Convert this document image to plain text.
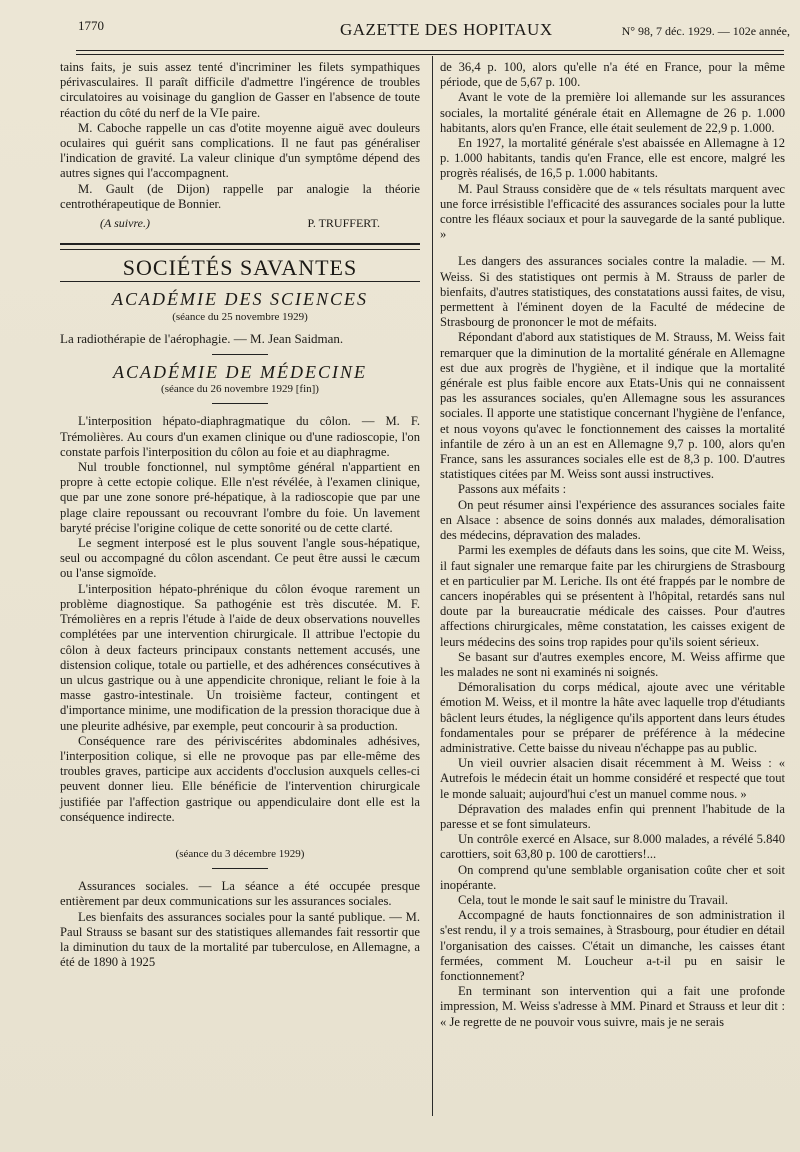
1770	GAZETTE DES HOPITAUX	N° 98, 7 déc. 1929. — 102e année,

tains faits, je suis assez tenté d'incriminer les filets sympathiques périvasculaires. Il paraît difficile d'admettre l'ingérence de troubles circulatoires au voisinage du ganglion de Gasser en l'absence de toute réaction du côté du nerf de la VIe paire.

M. Caboche rappelle un cas d'otite moyenne aiguë avec douleurs oculaires qui guérit sans complications. Il ne faut pas généraliser l'indication de gravité. La valeur clinique d'un symptôme dépend des autres signes qui l'accompagnent.

M. Gault (de Dijon) rappelle par analogie la théorie centrothérapeutique de Bonnier.

(A suivre.)	P. TRUFFERT.
SOCIÉTÉS SAVANTES
ACADÉMIE DES SCIENCES
(séance du 25 novembre 1929)
La radiothérapie de l'aérophagie. — M. Jean Saidman.
ACADÉMIE DE MÉDECINE
(séance du 26 novembre 1929 [fin])

L'interposition hépato-diaphragmatique du côlon. — M. F. Trémolières. Au cours d'un examen clinique ou d'une radioscopie, l'on constate parfois l'interposition du côlon au foie et au diaphragme.

Nul trouble fonctionnel, nul symptôme général n'appartient en propre à cette ectopie colique. Elle n'est révélée, à l'examen clinique, que par une zone sonore pré-hépatique, à la radioscopie que par une plage claire repoussant ou recouvrant l'ombre du foie. Un lavement baryté précise l'origine colique de cette sonorité ou de cette clarté.

Le segment interposé est le plus souvent l'angle sous-hépatique, seul ou accompagné du côlon ascendant. Ce peut être aussi le cæcum ou l'anse sigmoïde.

L'interposition hépato-phrénique du côlon évoque rarement un problème diagnostique. Sa pathogénie est très discutée. M. F. Trémolières en a repris l'étude à l'aide de deux observations nouvelles complétées par une intervention chirurgicale. Il attribue l'ectopie du côlon à deux facteurs principaux constants nettement accusés, une distension colique, totale ou partielle, et des adhérences consécutives à un ulcus gastrique ou à une appendicite chronique, reliant le foie à la masse gastro-intestinale. Un troisième facteur, contingent et d'importance minime, une modification de la pression thoracique due à une pleurite adhésive, par exemple, peut concourir à sa production.

Conséquence rare des périviscérites abdominales adhésives, l'interposition colique, si elle ne provoque pas par elle-même des troubles graves, participe aux accidents d'occlusion auxquels celles-ci peuvent donner lieu. Elle bénéficie de l'intervention chirurgicale justifiée par l'affection gastrique ou appendiculaire dont elle est la conséquence indirecte.

(séance du 3 décembre 1929)

Assurances sociales. — La séance a été occupée presque entièrement par deux communications sur les assurances sociales.

Les bienfaits des assurances sociales pour la santé publique. — M. Paul Strauss se basant sur des statistiques allemandes fait ressortir que la diminution du taux de la mortalité par tuberculose, en Allemagne, a été de 1890 à 1925

de 36,4 p. 100, alors qu'elle n'a été en France, pour la même période, que de 5,67 p. 100.

Avant le vote de la première loi allemande sur les assurances sociales, la mortalité générale était en Allemagne de 26 p. 1.000 habitants, alors qu'en France, elle était seulement de 22,9 p. 1.000.

En 1927, la mortalité générale s'est abaissée en Allemagne à 12 p. 1.000 habitants, tandis qu'en France, elle est encore, malgré les progrès réalisés, de 16,5 p. 1.000 habitants.

M. Paul Strauss considère que de « tels résultats marquent avec une force irrésistible l'efficacité des assurances sociales pour la lutte contre les fléaux sociaux et pour la sauvegarde de la santé publique. »

Les dangers des assurances sociales contre la maladie. — M. Weiss. Si des statistiques ont permis à M. Strauss de parler de bienfaits, d'autres statistiques, des constatations aussi faites, de visu, permettent à l'éminent doyen de la Faculté de médecine de Strasbourg de prononcer le mot de méfaits.

Répondant d'abord aux statistiques de M. Strauss, M. Weiss fait remarquer que la diminution de la mortalité générale en Allemagne est due aux progrès de l'hygiène, et il indique que la mortalité générale est plus faible encore aux Etats-Unis qui ne connaissent pas les assurances sociales, qu'en Allemagne sous les assurances sociales. Il apporte une statistique concernant l'hygiène de l'enfance, et nous voyons qu'avec le fonctionnement des caisses la mortalité infantile de zéro à un an est en Allemagne 9,7 p. 100, alors qu'en France, sans les assurances sociales elle est de 8,3 p. 100. D'autres statistiques citées par M. Weiss sont aussi instructives.

Passons aux méfaits :

On peut résumer ainsi l'expérience des assurances sociales faite en Alsace : absence de soins donnés aux malades, démoralisation des médecins, dépravation des malades.

Parmi les exemples de défauts dans les soins, que cite M. Weiss, il faut signaler une remarque faite par les chirurgiens de Strasbourg et en particulier par M. Leriche. Ils ont été frappés par le nombre de cancers inopérables qui se présentent à l'hôpital, retardés sans nul doute par la bureaucratie médicale des caisses. Pour d'autres affections chirurgicales, même constatation, les caisses exigent de leurs médecins des soins trop rapides pour qu'ils soient sérieux.

Se basant sur d'autres exemples encore, M. Weiss affirme que les malades ne sont ni examinés ni soignés.

Démoralisation du corps médical, ajoute avec une véritable émotion M. Weiss, et il montre la hâte avec laquelle trop d'étudiants bâclent leurs études, la négligence qu'ils apportent dans leurs études fondamentales pour se préparer de préférence à la médecine administrative. Cette baisse du niveau n'échappe pas au public.

Un vieil ouvrier alsacien disait récemment à M. Weiss : « Autrefois le médecin était un homme considéré et respecté que tout le monde saluait; aujourd'hui c'est un manuel comme nous. »

Dépravation des malades enfin qui prennent l'habitude de la paresse et se font simulateurs.

Un contrôle exercé en Alsace, sur 8.000 malades, a révélé 5.840 carottiers, soit 63,80 p. 100 de carottiers!...

On comprend qu'une semblable organisation coûte cher et soit inopérante.

Cela, tout le monde le sait sauf le ministre du Travail.

Accompagné de hauts fonctionnaires de son administration il s'est rendu, il y a trois semaines, à Strasbourg, pour étudier en détail l'organisation des caisses. C'était un dimanche, les caisses étant fermées, comment M. Loucheur a-t-il pu en saisir le fonctionnement?

En terminant son intervention qui a fait une profonde impression, M. Weiss s'adresse à MM. Pinard et Strauss et leur dit : « Je regrette de ne pouvoir vous suivre, mais je ne serais
